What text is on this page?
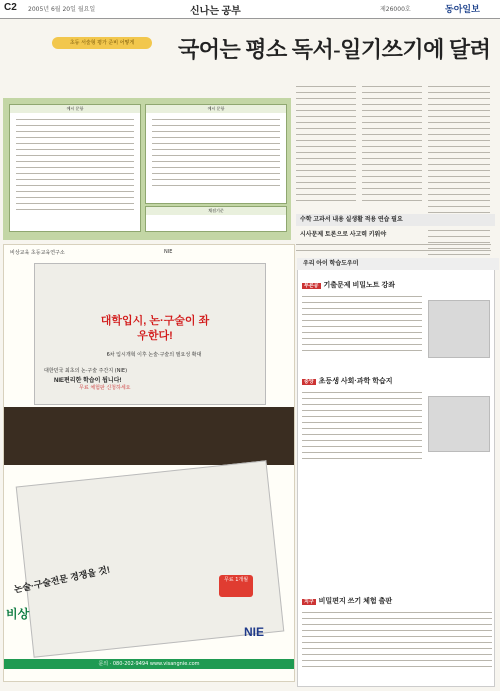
C2 2005년 6월 20일 월요일	신나는 공부	제26000호	동아일보
초등 서술형 평가 준비 어떻게	국어는 평소 독서-일기쓰기에 달려
예시 문항	예시 문항
채점기준
수학 고과서 내용 실생활 적용 연습 필요
시사문제 토론으로 사고력 키워야
비상교육 초등교육연구소	NIE
대학입시, 논·구술이 좌우한다!
6차 입시개혁 이후 논술·구술의 필요성 확대
대한민국 최초의 논·구술 주간지 (NIE)
NIE편리한 학습이 됩니다!
무료 체험판 신청하세요

논술·구술전문 경쟁을 것!	무료 1개월
비상
NIE
문의 · 080-202-9494 www.visangnie.com
우리 아이 학습도우미
푸른공 기출문제 비밀노트 강좌
중앙 초등생 사회·과학 학습지
지구 비밀편지 쓰기 체험 출판
